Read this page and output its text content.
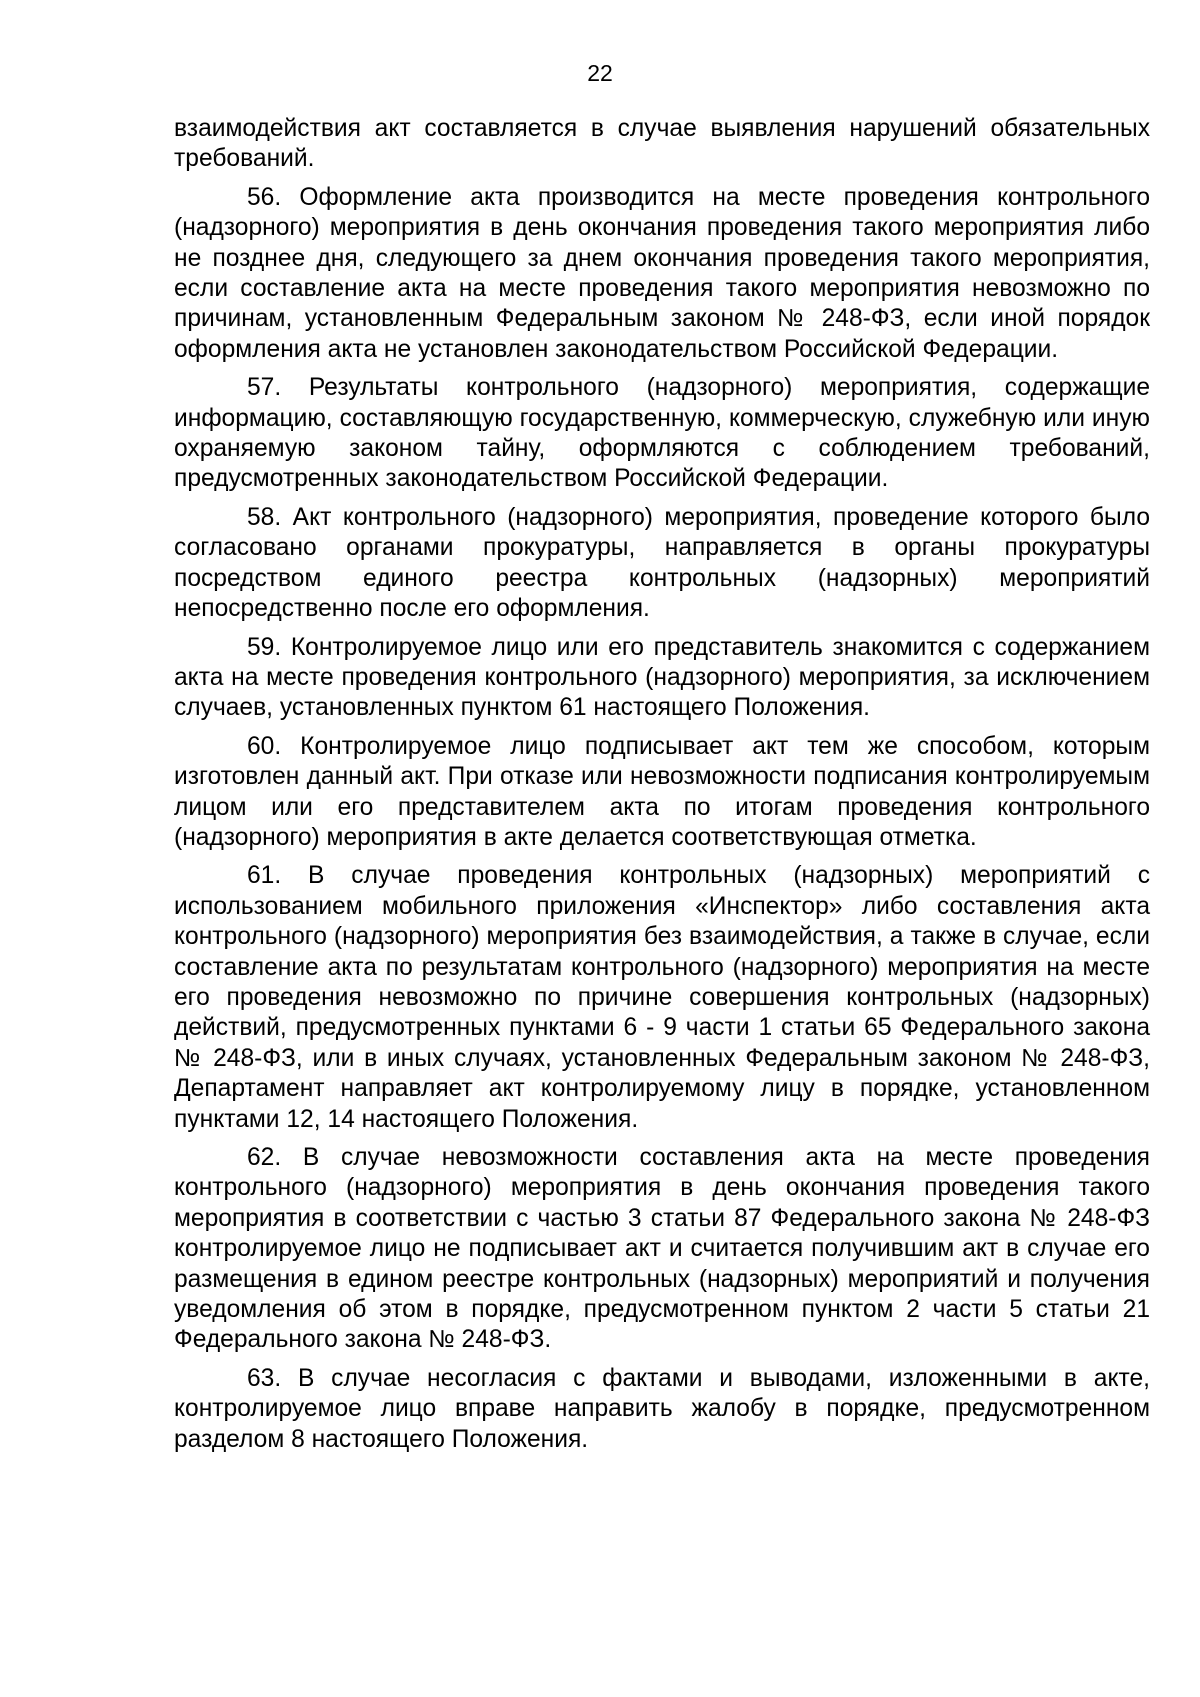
22

взаимодействия акт составляется в случае выявления нарушений обязательных требований.

56. Оформление акта производится на месте проведения контрольного (надзорного) мероприятия в день окончания проведения такого мероприятия либо не позднее дня, следующего за днем окончания проведения такого мероприятия, если составление акта на месте проведения такого мероприятия невозможно по причинам, установленным Федеральным законом № 248-ФЗ, если иной порядок оформления акта не установлен законодательством Российской Федерации.

57. Результаты контрольного (надзорного) мероприятия, содержащие информацию, составляющую государственную, коммерческую, служебную или иную охраняемую законом тайну, оформляются с соблюдением требований, предусмотренных законодательством Российской Федерации.

58. Акт контрольного (надзорного) мероприятия, проведение которого было согласовано органами прокуратуры, направляется в органы прокуратуры посредством единого реестра контрольных (надзорных) мероприятий непосредственно после его оформления.

59. Контролируемое лицо или его представитель знакомится с содержанием акта на месте проведения контрольного (надзорного) мероприятия, за исключением случаев, установленных пунктом 61 настоящего Положения.

60. Контролируемое лицо подписывает акт тем же способом, которым изготовлен данный акт. При отказе или невозможности подписания контролируемым лицом или его представителем акта по итогам проведения контрольного (надзорного) мероприятия в акте делается соответствующая отметка.

61. В случае проведения контрольных (надзорных) мероприятий с использованием мобильного приложения «Инспектор» либо составления акта контрольного (надзорного) мероприятия без взаимодействия, а также в случае, если составление акта по результатам контрольного (надзорного) мероприятия на месте его проведения невозможно по причине совершения контрольных (надзорных) действий, предусмотренных пунктами 6 - 9 части 1 статьи 65 Федерального закона № 248-ФЗ, или в иных случаях, установленных Федеральным законом № 248-ФЗ, Департамент направляет акт контролируемому лицу в порядке, установленном пунктами 12, 14 настоящего Положения.

62. В случае невозможности составления акта на месте проведения контрольного (надзорного) мероприятия в день окончания проведения такого мероприятия в соответствии с частью 3 статьи 87 Федерального закона № 248-ФЗ контролируемое лицо не подписывает акт и считается получившим акт в случае его размещения в едином реестре контрольных (надзорных) мероприятий и получения уведомления об этом в порядке, предусмотренном пунктом 2 части 5 статьи 21 Федерального закона № 248-ФЗ.

63. В случае несогласия с фактами и выводами, изложенными в акте, контролируемое лицо вправе направить жалобу в порядке, предусмотренном разделом 8 настоящего Положения.
